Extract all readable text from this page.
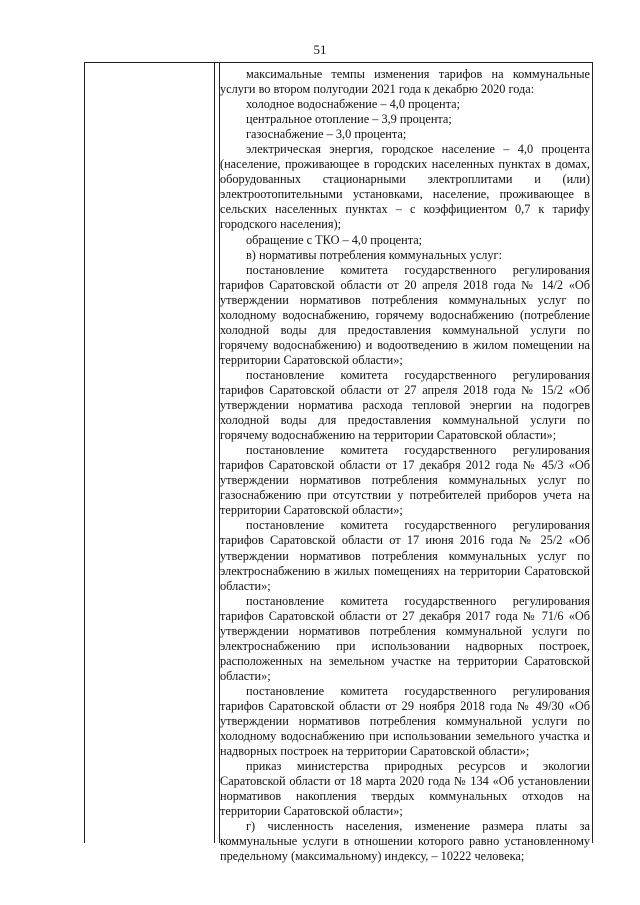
51

максимальные темпы изменения тарифов на коммунальные услуги во втором полугодии 2021 года к декабрю 2020 года:

холодное водоснабжение – 4,0 процента;

центральное отопление – 3,9 процента;

газоснабжение – 3,0 процента;

электрическая энергия, городское население – 4,0 процента (население, проживающее в городских населенных пунктах в домах, оборудованных стационарными электроплитами и (или) электроотопительными установками, население, проживающее в сельских населенных пунктах – с коэффициентом 0,7 к тарифу городского населения);

обращение с ТКО – 4,0 процента;

в) нормативы потребления коммунальных услуг:

постановление комитета государственного регулирования тарифов Саратовской области от 20 апреля 2018 года № 14/2 «Об утверждении нормативов потребления коммунальных услуг по холодному водоснабжению, горячему водоснабжению (потребление холодной воды для предоставления коммунальной услуги по горячему водоснабжению) и водоотведению в жилом помещении на территории Саратовской области»;

постановление комитета государственного регулирования тарифов Саратовской области от 27 апреля 2018 года № 15/2 «Об утверждении норматива расхода тепловой энергии на подогрев холодной воды для предоставления коммунальной услуги по горячему водоснабжению на территории Саратовской области»;

постановление комитета государственного регулирования тарифов Саратовской области от 17 декабря 2012 года № 45/3 «Об утверждении нормативов потребления коммунальных услуг по газоснабжению при отсутствии у потребителей приборов учета на территории Саратовской области»;

постановление комитета государственного регулирования тарифов Саратовской области от 17 июня 2016 года № 25/2 «Об утверждении нормативов потребления коммунальных услуг по электроснабжению в жилых помещениях на территории Саратовской области»;

постановление комитета государственного регулирования тарифов Саратовской области от 27 декабря 2017 года № 71/6 «Об утверждении нормативов потребления коммунальной услуги по электроснабжению при использовании надворных построек, расположенных на земельном участке на территории Саратовской области»;

постановление комитета государственного регулирования тарифов Саратовской области от 29 ноября 2018 года № 49/30 «Об утверждении нормативов потребления коммунальной услуги по холодному водоснабжению при использовании земельного участка и надворных построек на территории Саратовской области»;

приказ министерства природных ресурсов и экологии Саратовской области от 18 марта 2020 года № 134 «Об установлении нормативов накопления твердых коммунальных отходов на территории Саратовской области»;

г) численность населения, изменение размера платы за коммунальные услуги в отношении которого равно установленному предельному (максимальному) индексу, – 10222 человека;
